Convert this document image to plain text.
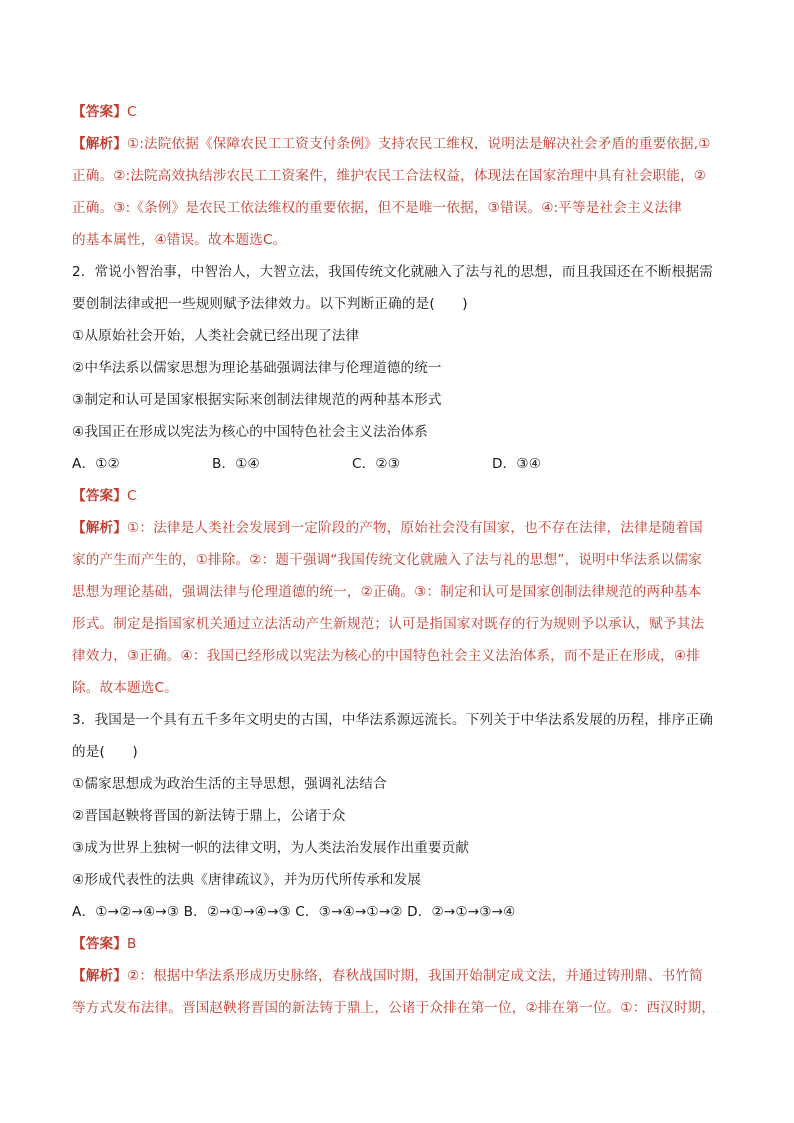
【答案】C
【解析】①:法院依据《保障农民工工资支付条例》支持农民工维权，说明法是解决社会矛盾的重要依据,①
正确。②:法院高效执结涉农民工工资案件，维护农民工合法权益，体现法在国家治理中具有社会职能，②
正确。③:《条例》是农民工依法维权的重要依据，但不是唯一依据，③错误。④:平等是社会主义法律
的基本属性，④错误。故本题选C。
2．常说小智治事，中智治人，大智立法，我国传统文化就融入了法与礼的思想，而且我国还在不断根据需
要创制法律或把一些规则赋予法律效力。以下判断正确的是(　　)
①从原始社会开始，人类社会就已经出现了法律
②中华法系以儒家思想为理论基础强调法律与伦理道德的统一
③制定和认可是国家根据实际来创制法律规范的两种基本形式
④我国正在形成以宪法为核心的中国特色社会主义法治体系
A．①②	B．①④	C．②③	D．③④
【答案】C
【解析】①：法律是人类社会发展到一定阶段的产物，原始社会没有国家，也不存在法律，法律是随着国
家的产生而产生的，①排除。②：题干强调“我国传统文化就融入了法与礼的思想”，说明中华法系以儒家
思想为理论基础，强调法律与伦理道德的统一，②正确。③：制定和认可是国家创制法律规范的两种基本
形式。制定是指国家机关通过立法活动产生新规范；认可是指国家对既存的行为规则予以承认，赋予其法
律效力，③正确。④：我国已经形成以宪法为核心的中国特色社会主义法治体系，而不是正在形成，④排
除。故本题选C。
3．我国是一个具有五千多年文明史的古国，中华法系源远流长。下列关于中华法系发展的历程，排序正确
的是(　　)
①儒家思想成为政治生活的主导思想，强调礼法结合
②晋国赵鞅将晋国的新法铸于鼎上，公诸于众
③成为世界上独树一帜的法律文明，为人类法治发展作出重要贡献
④形成代表性的法典《唐律疏议》，并为历代所传承和发展
A．①→②→④→③ B．②→①→④→③ C．③→④→①→② D．②→①→③→④
【答案】B
【解析】②：根据中华法系形成历史脉络，春秋战国时期，我国开始制定成文法，并通过铸刑鼎、书竹简
等方式发布法律。晋国赵鞅将晋国的新法铸于鼎上，公诸于众排在第一位，②排在第一位。①：西汉时期，
